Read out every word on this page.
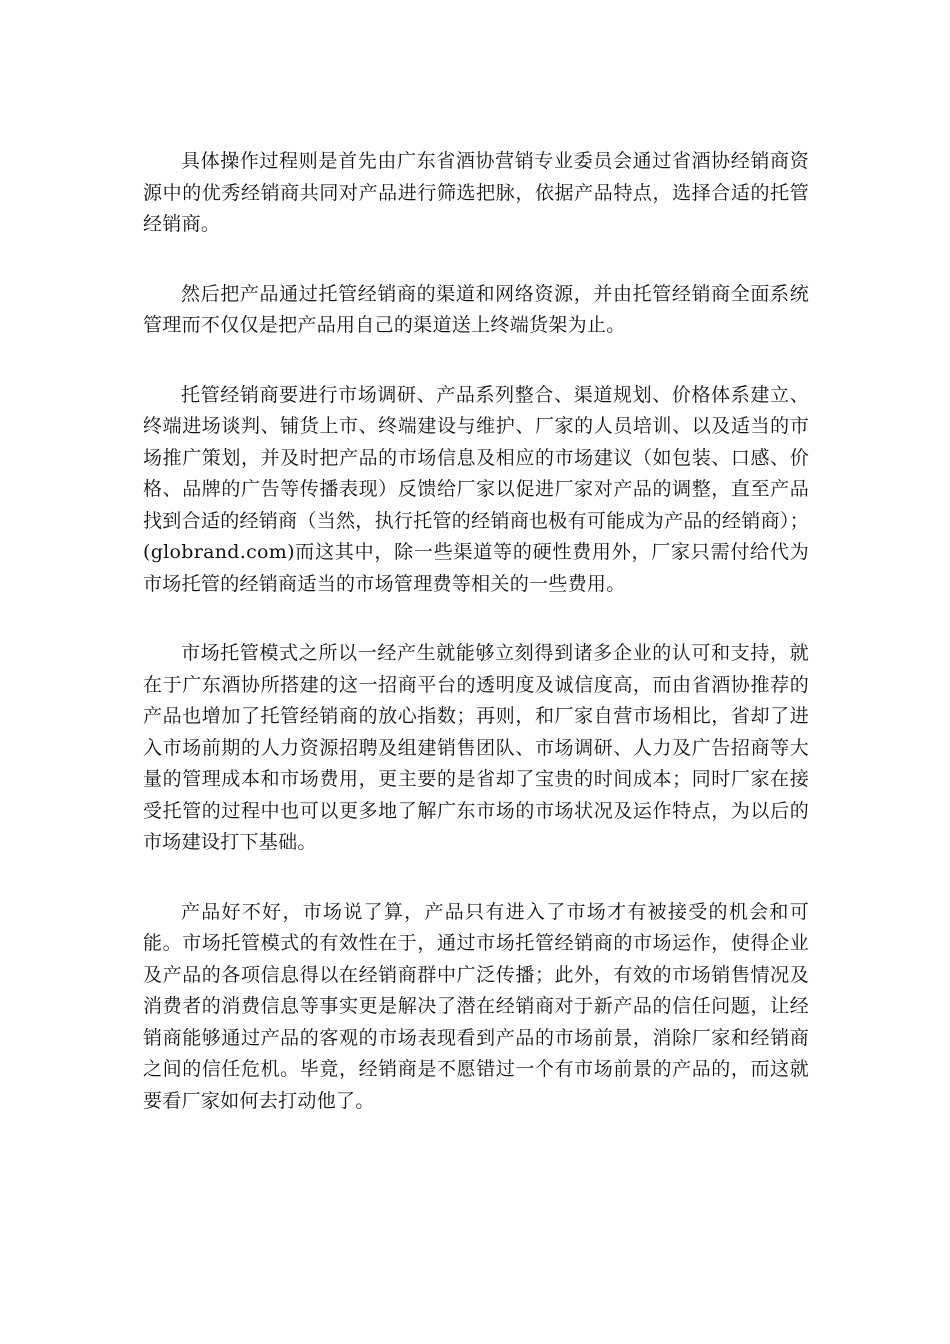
具体操作过程则是首先由广东省酒协营销专业委员会通过省酒协经销商资源中的优秀经销商共同对产品进行筛选把脉，依据产品特点，选择合适的托管经销商。

然后把产品通过托管经销商的渠道和网络资源，并由托管经销商全面系统管理而不仅仅是把产品用自己的渠道送上终端货架为止。

托管经销商要进行市场调研、产品系列整合、渠道规划、价格体系建立、终端进场谈判、铺货上市、终端建设与维护、厂家的人员培训、以及适当的市场推广策划，并及时把产品的市场信息及相应的市场建议（如包装、口感、价格、品牌的广告等传播表现）反馈给厂家以促进厂家对产品的调整，直至产品找到合适的经销商（当然，执行托管的经销商也极有可能成为产品的经销商）；(globrand.com)而这其中，除一些渠道等的硬性费用外，厂家只需付给代为市场托管的经销商适当的市场管理费等相关的一些费用。

市场托管模式之所以一经产生就能够立刻得到诸多企业的认可和支持，就在于广东酒协所搭建的这一招商平台的透明度及诚信度高，而由省酒协推荐的产品也增加了托管经销商的放心指数；再则，和厂家自营市场相比，省却了进入市场前期的人力资源招聘及组建销售团队、市场调研、人力及广告招商等大量的管理成本和市场费用，更主要的是省却了宝贵的时间成本；同时厂家在接受托管的过程中也可以更多地了解广东市场的市场状况及运作特点，为以后的市场建设打下基础。

产品好不好，市场说了算，产品只有进入了市场才有被接受的机会和可能。市场托管模式的有效性在于，通过市场托管经销商的市场运作，使得企业及产品的各项信息得以在经销商群中广泛传播；此外，有效的市场销售情况及消费者的消费信息等事实更是解决了潜在经销商对于新产品的信任问题，让经销商能够通过产品的客观的市场表现看到产品的市场前景，消除厂家和经销商之间的信任危机。毕竟，经销商是不愿错过一个有市场前景的产品的，而这就要看厂家如何去打动他了。
